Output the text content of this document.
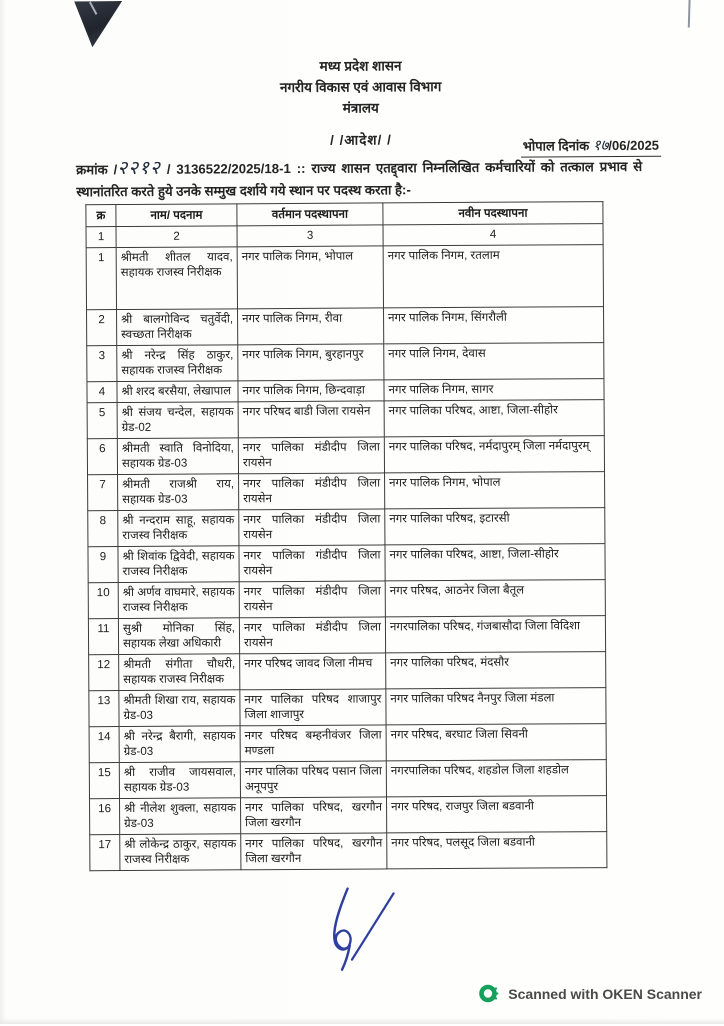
मध्य प्रदेश शासन
नगरीय विकास एवं आवास विभाग
मंत्रालय
/ /आदेश/ /	भोपाल दिनांक १७/06/2025
क्रमांक /२२१२ / 3136522/2025/18-1 :: राज्य शासन एतद्द्वारा निम्नलिखित कर्मचारियों को तत्काल प्रभाव से स्थानांतरित करते हुये उनके सम्मुख दर्शाये गये स्थान पर पदस्थ करता है:-
क्र	नाम/ पदनाम	वर्तमान पदस्थापना	नवीन पदस्थापना
1	2	3	4
1	श्रीमती शीतल यादव, सहायक राजस्व निरीक्षक	नगर पालिक निगम, भोपाल	नगर पालिक निगम, रतलाम
2	श्री बालगोविन्द चतुर्वेदी, स्वच्छता निरीक्षक	नगर पालिक निगम, रीवा	नगर पालिक निगम, सिंगरौली
3	श्री नरेन्द्र सिंह ठाकुर, सहायक राजस्व निरीक्षक	नगर पालिक निगम, बुरहानपुर	नगर पालि निगम, देवास
4	श्री शरद बरसैया, लेखापाल	नगर पालिक निगम, छिन्दवाड़ा	नगर पालिक निगम, सागर
5	श्री संजय चन्देल, सहायक ग्रेड-02	नगर परिषद बाडी जिला रायसेन	नगर पालिका परिषद, आष्टा, जिला-सीहोर
6	श्रीमती स्वाति विनोदिया, सहायक ग्रेड-03	नगर पालिका मंडीदीप जिला रायसेन	नगर पालिका परिषद, नर्मदापुरम् जिला नर्मदापुरम्
7	श्रीमती राजश्री राय, सहायक ग्रेड-03	नगर पालिका मंडीदीप जिला रायसेन	नगर पालिक निगम, भोपाल
8	श्री नन्दराम साहू, सहायक राजस्व निरीक्षक	नगर पालिका मंडीदीप जिला रायसेन	नगर पालिका परिषद, इटारसी
9	श्री शिवांक द्विवेदी, सहायक राजस्व निरीक्षक	नगर पालिका गंडीदीप जिला रायसेन	नगर पालिका परिषद, आष्टा, जिला-सीहोर
10	श्री अर्णव वाघमारे, सहायक राजस्व निरीक्षक	नगर पालिका मंडीदीप जिला रायसेन	नगर परिषद, आठनेर जिला बैतूल
11	सुश्री मोनिका सिंह, सहायक लेखा अधिकारी	नगर पालिका मंडीदीप जिला रायसेन	नगरपालिका परिषद, गंजबासौदा जिला विदिशा
12	श्रीमती संगीता चौधरी, सहायक राजस्व निरीक्षक	नगर परिषद जावद जिला नीमच	नगर पालिका परिषद, मंदसौर
13	श्रीमती शिखा राय, सहायक ग्रेड-03	नगर पालिका परिषद शाजापुर जिला शाजापुर	नगर पालिका परिषद नैनपुर जिला मंडला
14	श्री नरेन्द्र बैरागी, सहायक ग्रेड-03	नगर परिषद बम्हनीवंजर जिला मण्डला	नगर परिषद, बरघाट जिला सिवनी
15	श्री राजीव जायसवाल, सहायक ग्रेड-03	नगर पालिका परिषद पसान जिला अनूपपुर	नगरपालिका परिषद, शहडोल जिला शहडोल
16	श्री नीलेश शुक्ला, सहायक ग्रेड-03	नगर पालिका परिषद, खरगौन जिला खरगौन	नगर परिषद, राजपुर जिला बडवानी
17	श्री लोकेन्द्र ठाकुर, सहायक राजस्व निरीक्षक	नगर पालिका परिषद, खरगौन जिला खरगौन	नगर परिषद, पलसूद जिला बडवानी
Scanned with OKEN Scanner
